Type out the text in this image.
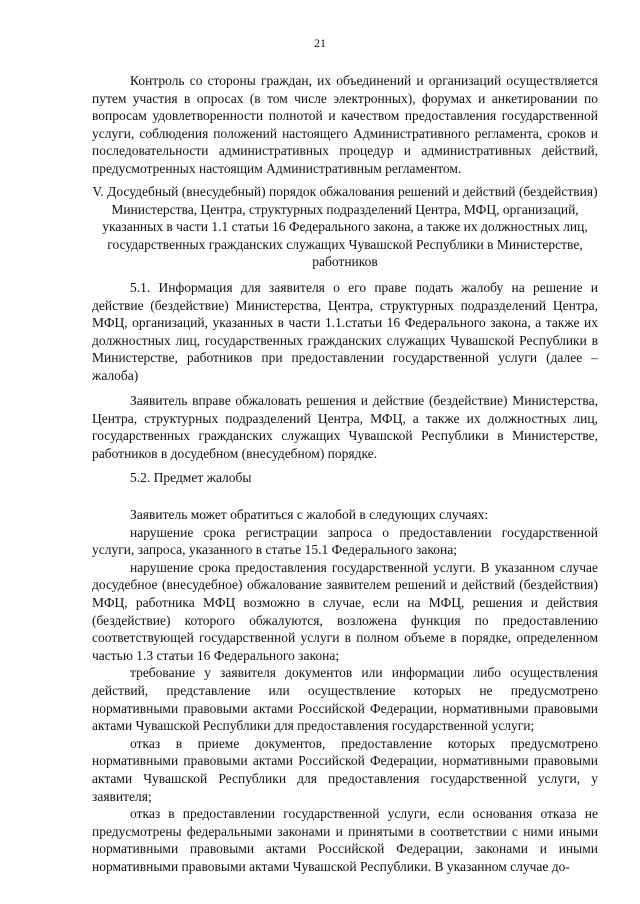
21

Контроль со стороны граждан, их объединений и организаций осуществляется путем участия в опросах (в том числе электронных), форумах и анкетировании по вопросам удовлетворенности полнотой и качеством предоставления государственной услуги, соблюдения положений настоящего Административного регламента, сроков и последовательности административных процедур и административных действий, предусмотренных настоящим Административным регламентом.

V. Досудебный (внесудебный) порядок обжалования решений и действий (бездействия) Министерства, Центра, структурных подразделений Центра, МФЦ, организаций, указанных в части 1.1 статьи 16 Федерального закона, а также их должностных лиц, государственных гражданских служащих Чувашской Республики в Министерстве, работников

5.1. Информация для заявителя о его праве подать жалобу на решение и действие (бездействие) Министерства, Центра, структурных подразделений Центра, МФЦ, организаций, указанных в части 1.1.статьи 16 Федерального закона, а также их должностных лиц, государственных гражданских служащих Чувашской Республики в Министерстве, работников при предоставлении государственной услуги (далее – жалоба)

Заявитель вправе обжаловать решения и действие (бездействие) Министерства, Центра, структурных подразделений Центра, МФЦ, а также их должностных лиц, государственных гражданских служащих Чувашской Республики в Министерстве, работников в досудебном (внесудебном) порядке.

5.2. Предмет жалобы

Заявитель может обратиться с жалобой в следующих случаях:

нарушение срока регистрации запроса о предоставлении государственной услуги, запроса, указанного в статье 15.1 Федерального закона;

нарушение срока предоставления государственной услуги. В указанном случае досудебное (внесудебное) обжалование заявителем решений и действий (бездействия) МФЦ, работника МФЦ возможно в случае, если на МФЦ, решения и действия (бездействие) которого обжалуются, возложена функция по предоставлению соответствующей государственной услуги в полном объеме в порядке, определенном частью 1.3 статьи 16 Федерального закона;

требование у заявителя документов или информации либо осуществления действий, представление или осуществление которых не предусмотрено нормативными правовыми актами Российской Федерации, нормативными правовыми актами Чувашской Республики для предоставления государственной услуги;

отказ в приеме документов, предоставление которых предусмотрено нормативными правовыми актами Российской Федерации, нормативными правовыми актами Чувашской Республики для предоставления государственной услуги, у заявителя;

отказ в предоставлении государственной услуги, если основания отказа не предусмотрены федеральными законами и принятыми в соответствии с ними иными нормативными правовыми актами Российской Федерации, законами и иными нормативными правовыми актами Чувашской Республики. В указанном случае до-
